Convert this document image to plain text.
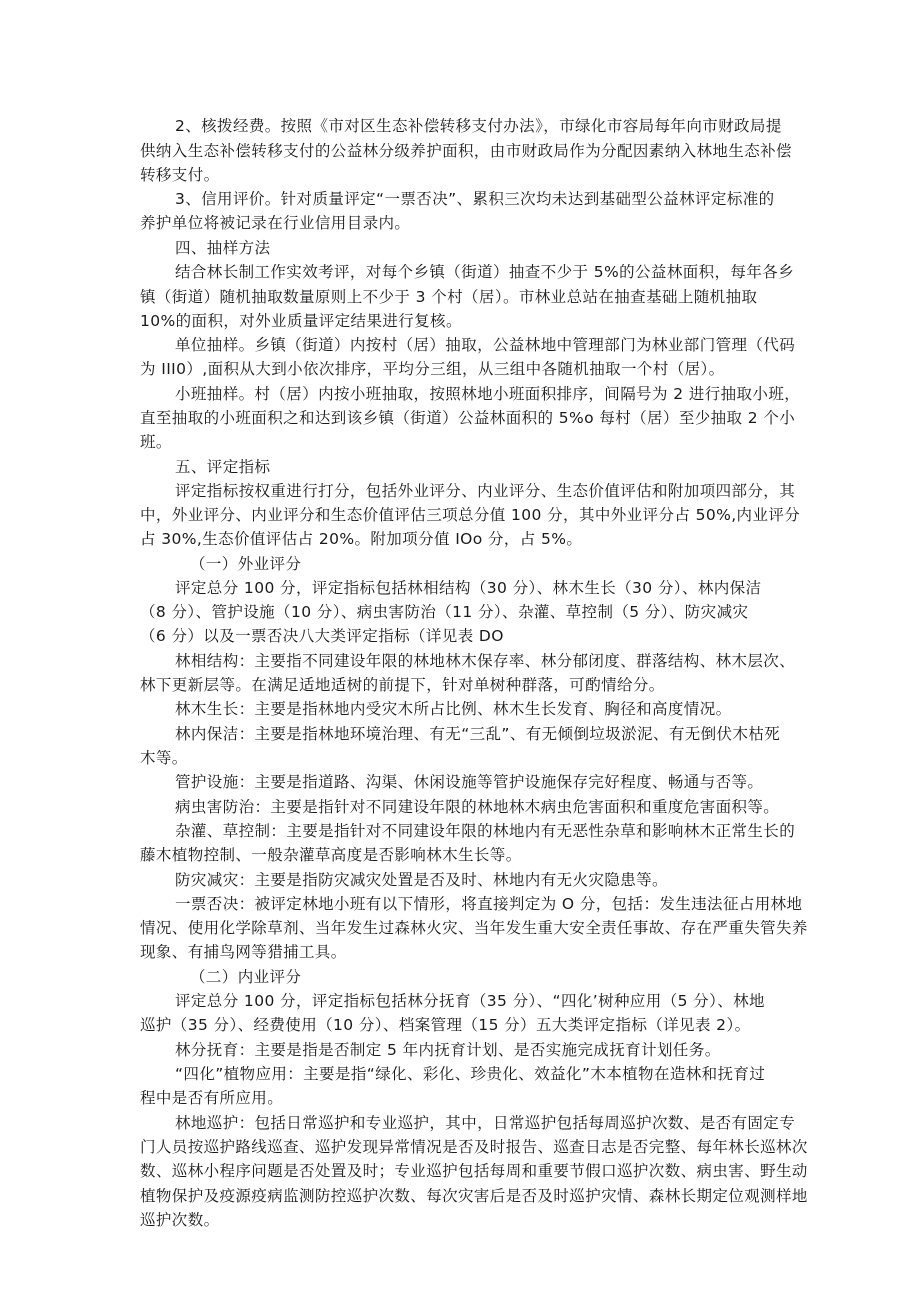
2、核拨经费。按照《市对区生态补偿转移支付办法》，市绿化市容局每年向市财政局提

供纳入生态补偿转移支付的公益林分级养护面积，由市财政局作为分配因素纳入林地生态补偿

转移支付。

3、信用评价。针对质量评定“一票否决”、累积三次均未达到基础型公益林评定标准的

养护单位将被记录在行业信用目录内。

四、抽样方法

结合林长制工作实效考评，对每个乡镇（街道）抽查不少于 5%的公益林面积，每年各乡

镇（街道）随机抽取数量原则上不少于 3 个村（居）。市林业总站在抽查基础上随机抽取

10%的面积，对外业质量评定结果进行复核。

单位抽样。乡镇（街道）内按村（居）抽取，公益林地中管理部门为林业部门管理（代码

为 III0）,面积从大到小依次排序，平均分三组，从三组中各随机抽取一个村（居）。

小班抽样。村（居）内按小班抽取，按照林地小班面积排序，间隔号为 2 进行抽取小班，

直至抽取的小班面积之和达到该乡镇（街道）公益林面积的 5%o 每村（居）至少抽取 2 个小

班。

五、评定指标

评定指标按权重进行打分，包括外业评分、内业评分、生态价值评估和附加项四部分，其

中，外业评分、内业评分和生态价值评估三项总分值 100 分，其中外业评分占 50%,内业评分

占 30%,生态价值评估占 20%。附加项分值 IOo 分，占 5%。

（一）外业评分

评定总分 100 分，评定指标包括林相结构（30 分）、林木生长（30 分）、林内保洁

（8 分）、管护设施（10 分）、病虫害防治（11 分）、杂灌、草控制（5 分）、防灾减灾

（6 分）以及一票否决八大类评定指标（详见表 DO

林相结构：主要指不同建设年限的林地林木保存率、林分郁闭度、群落结构、林木层次、

林下更新层等。在满足适地适树的前提下，针对单树种群落，可酌情给分。

林木生长：主要是指林地内受灾木所占比例、林木生长发育、胸径和高度情况。

林内保洁：主要是指林地环境治理、有无“三乱”、有无倾倒垃圾淤泥、有无倒伏木枯死

木等。

管护设施：主要是指道路、沟渠、休闲设施等管护设施保存完好程度、畅通与否等。

病虫害防治：主要是指针对不同建设年限的林地林木病虫危害面积和重度危害面积等。

杂灌、草控制：主要是指针对不同建设年限的林地内有无恶性杂草和影响林木正常生长的

藤木植物控制、一般杂灌草高度是否影响林木生长等。

防灾减灾：主要是指防灾减灾处置是否及时、林地内有无火灾隐患等。

一票否决：被评定林地小班有以下情形，将直接判定为 O 分，包括：发生违法征占用林地

情况、使用化学除草剂、当年发生过森林火灾、当年发生重大安全责任事故、存在严重失管失养

现象、有捕鸟网等猎捕工具。

（二）内业评分

评定总分 100 分，评定指标包括林分抚育（35 分）、“四化’树种应用（5 分）、林地

巡护（35 分）、经费使用（10 分）、档案管理（15 分）五大类评定指标（详见表 2）。

林分抚育：主要是指是否制定 5 年内抚育计划、是否实施完成抚育计划任务。

“四化”植物应用：主要是指“绿化、彩化、珍贵化、效益化”木本植物在造林和抚育过

程中是否有所应用。

林地巡护：包括日常巡护和专业巡护，其中，日常巡护包括每周巡护次数、是否有固定专

门人员按巡护路线巡查、巡护发现异常情况是否及时报告、巡查日志是否完整、每年林长巡林次

数、巡林小程序问题是否处置及时；专业巡护包括每周和重要节假口巡护次数、病虫害、野生动

植物保护及疫源疫病监测防控巡护次数、每次灾害后是否及时巡护灾情、森林长期定位观测样地

巡护次数。
